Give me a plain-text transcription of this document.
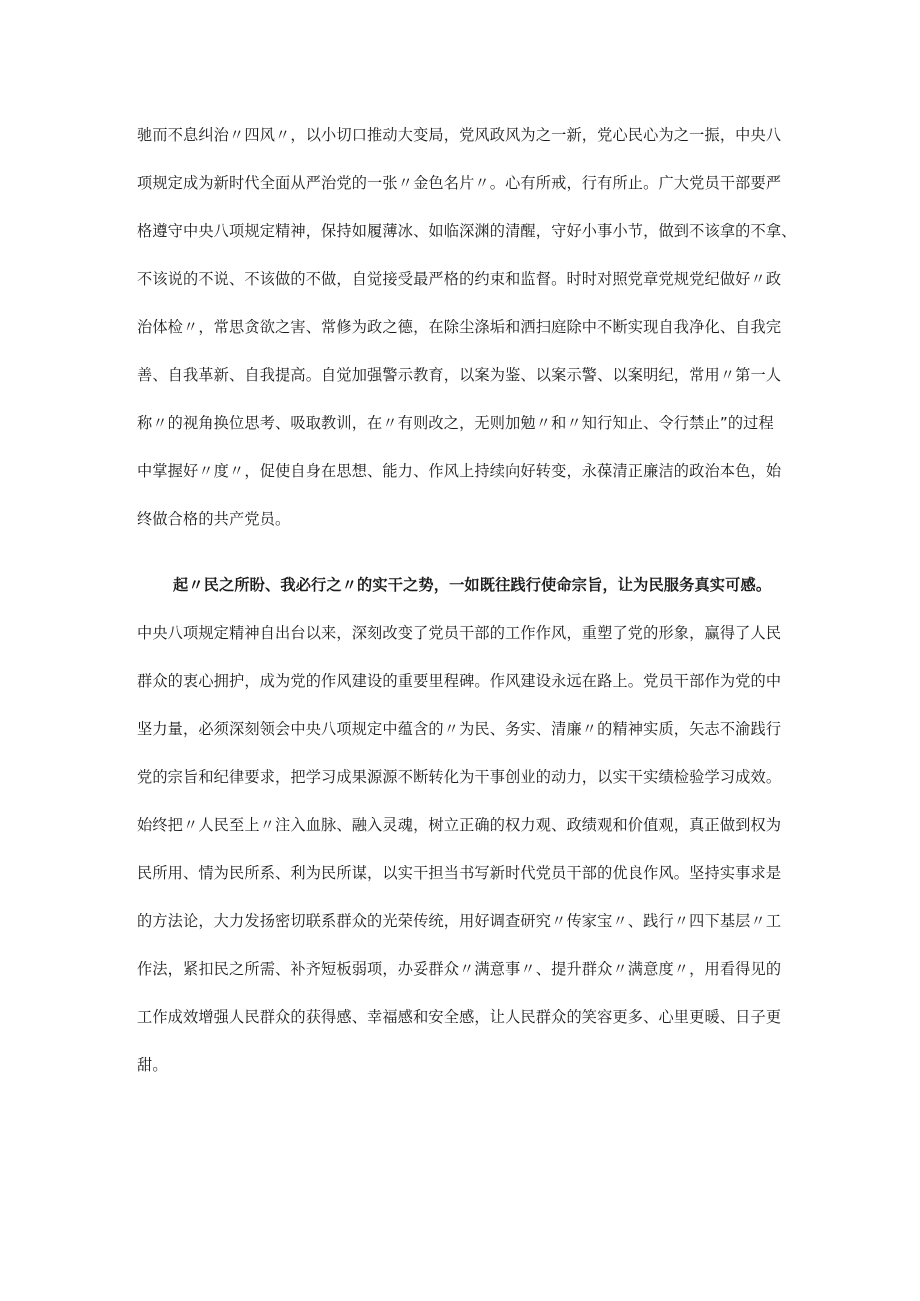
驰而不息纠治〃四风〃，以小切口推动大变局，党风政风为之一新，党心民心为之一振，中央八
项规定成为新时代全面从严治党的一张〃金色名片〃。心有所戒，行有所止。广大党员干部要严
格遵守中央八项规定精神，保持如履薄冰、如临深渊的清醒，守好小事小节，做到不该拿的不拿、
不该说的不说、不该做的不做，自觉接受最严格的约束和监督。时时对照党章党规党纪做好〃政
治体检〃，常思贪欲之害、常修为政之德，在除尘涤垢和洒扫庭除中不断实现自我净化、自我完
善、自我革新、自我提高。自觉加强警示教育，以案为鉴、以案示警、以案明纪，常用〃第一人
称〃的视角换位思考、吸取教训，在〃有则改之，无则加勉〃和〃知行知止、令行禁止”的过程
中掌握好〃度〃，促使自身在思想、能力、作风上持续向好转变，永葆清正廉洁的政治本色，始
终做合格的共产党员。
起〃民之所盼、我必行之〃的实干之势，一如既往践行使命宗旨，让为民服务真实可感。
中央八项规定精神自出台以来，深刻改变了党员干部的工作作风，重塑了党的形象，赢得了人民
群众的衷心拥护，成为党的作风建设的重要里程碑。作风建设永远在路上。党员干部作为党的中
坚力量，必须深刻领会中央八项规定中蕴含的〃为民、务实、清廉〃的精神实质，矢志不渝践行
党的宗旨和纪律要求，把学习成果源源不断转化为干事创业的动力，以实干实绩检验学习成效。
始终把〃人民至上〃注入血脉、融入灵魂，树立正确的权力观、政绩观和价值观，真正做到权为
民所用、情为民所系、利为民所谋，以实干担当书写新时代党员干部的优良作风。坚持实事求是
的方法论，大力发扬密切联系群众的光荣传统，用好调查研究〃传家宝〃、践行〃四下基层〃工
作法，紧扣民之所需、补齐短板弱项，办妥群众〃满意事〃、提升群众〃满意度〃，用看得见的
工作成效增强人民群众的获得感、幸福感和安全感，让人民群众的笑容更多、心里更暖、日子更
甜。
